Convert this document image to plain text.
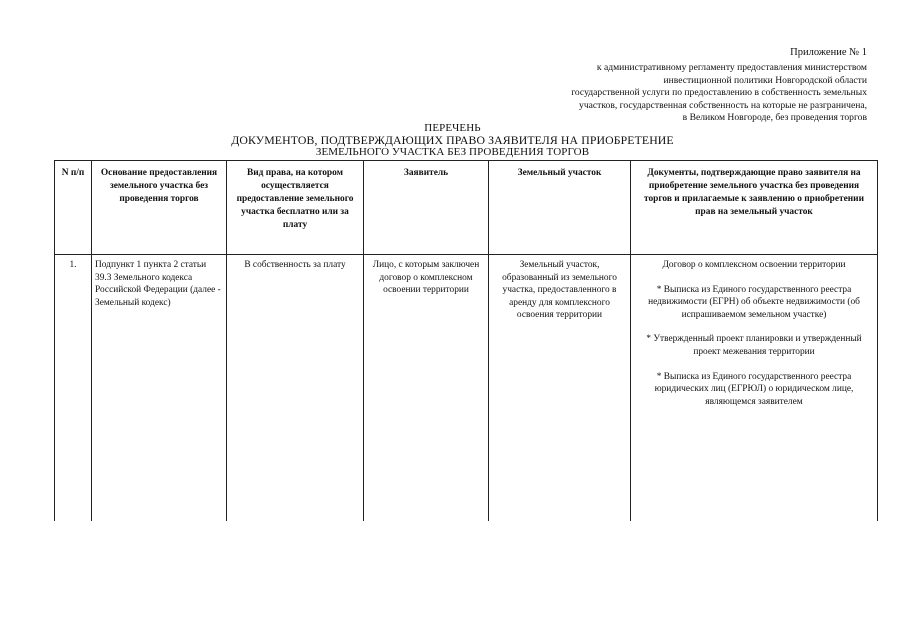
Приложение № 1
к административному регламенту предоставления министерством
инвестиционной политики Новгородской области
государственной услуги по предоставлению в собственность земельных
участков, государственная собственность на которые не разграничена,
в Великом Новгороде, без проведения торгов
ПЕРЕЧЕНЬ
ДОКУМЕНТОВ, ПОДТВЕРЖДАЮЩИХ ПРАВО ЗАЯВИТЕЛЯ НА ПРИОБРЕТЕНИЕ
ЗЕМЕЛЬНОГО УЧАСТКА БЕЗ ПРОВЕДЕНИЯ ТОРГОВ
N п/п	Основание предоставления земельного участка без проведения торгов	Вид права, на котором осуществляется предоставление земельного участка бесплатно или за плату	Заявитель	Земельный участок	Документы, подтверждающие право заявителя на приобретение земельного участка без проведения торгов и прилагаемые к заявлению о приобретении прав на земельный участок
1.	Подпункт 1 пункта 2 статьи 39.3 Земельного кодекса Российской Федерации (далее - Земельный кодекс)	В собственность за плату	Лицо, с которым заключен договор о комплексном освоении территории	Земельный участок, образованный из земельного участка, предоставленного в аренду для комплексного освоения территории	Договор о комплексном освоении территории
* Выписка из Единого государственного реестра недвижимости (ЕГРН) об объекте недвижимости (об испрашиваемом земельном участке)
* Утвержденный проект планировки и утвержденный проект межевания территории
* Выписка из Единого государственного реестра юридических лиц (ЕГРЮЛ) о юридическом лице, являющемся заявителем
